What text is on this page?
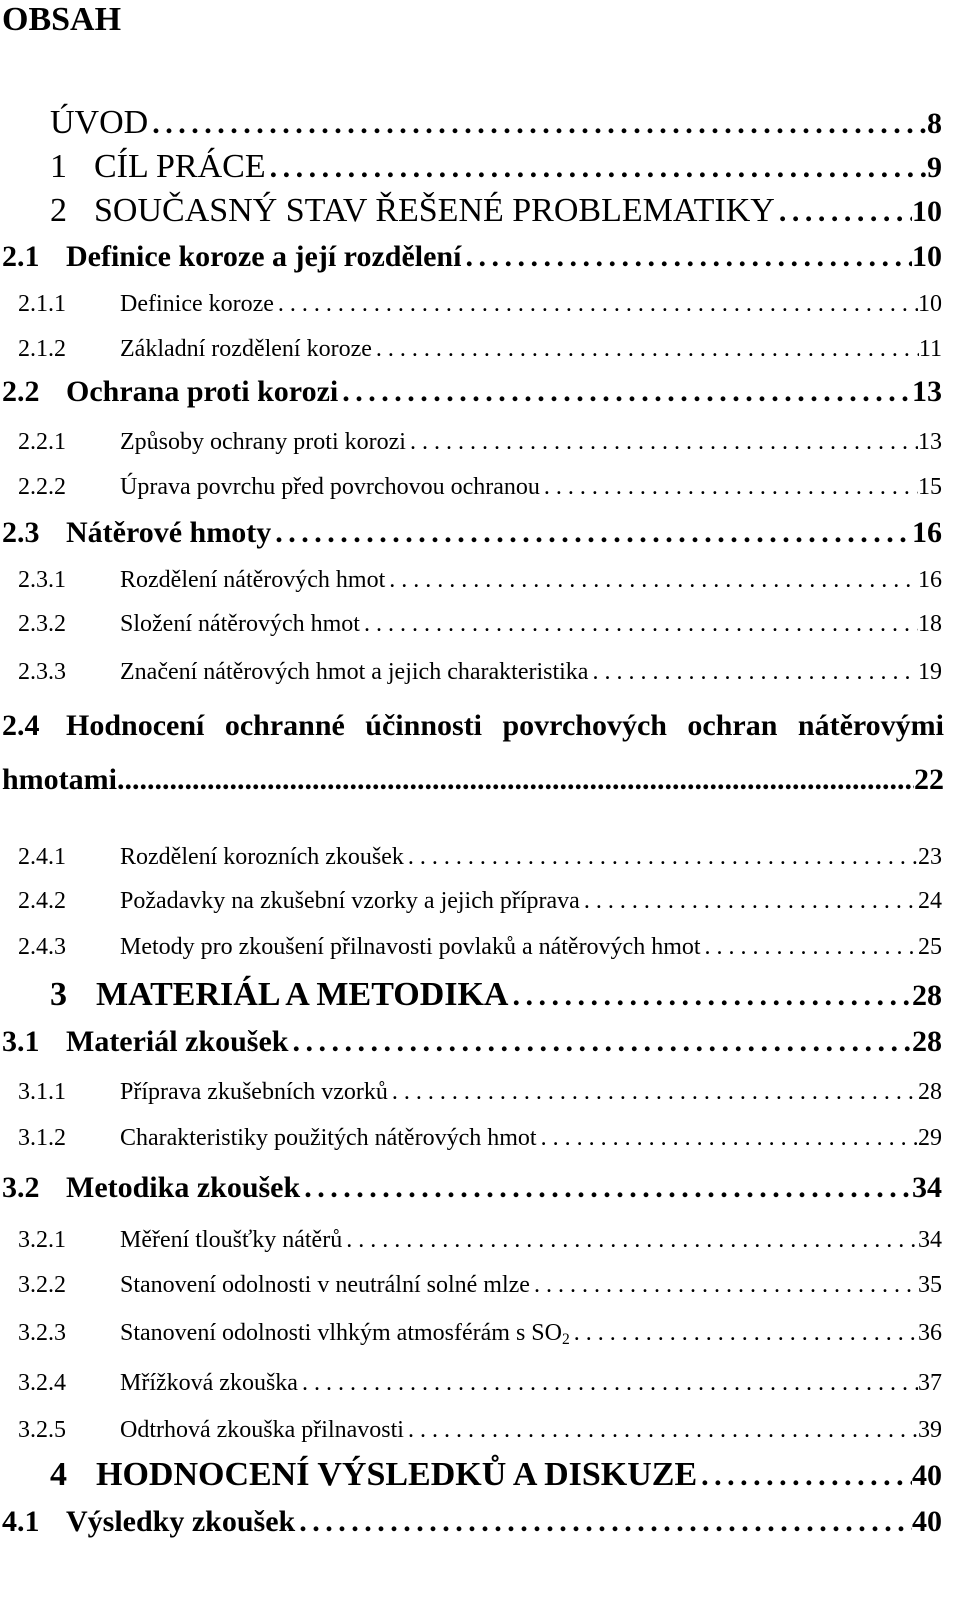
OBSAH
ÚVOD . . .	8
1 CÍL PRÁCE . . .	9
2 SOUČASNÝ STAV ŘEŠENÉ PROBLEMATIKY . . .	10
2.1 Definice koroze a její rozdělení . . .	10
2.1.1	Definice koroze . . .	10
2.1.2	Základní rozdělení koroze . . .	11
2.2 Ochrana proti korozi . . .	13
2.2.1	Způsoby ochrany proti korozi . . .	13
2.2.2	Úprava povrchu před povrchovou ochranou . . .	15
2.3 Nátěrové hmoty . . .	16
2.3.1	Rozdělení nátěrových hmot . . .	16
2.3.2	Složení nátěrových hmot . . .	18
2.3.3	Značení nátěrových hmot a jejich charakteristika . . .	19
2.4 Hodnocení ochranné účinnosti povrchových ochran nátěrovými
hmotami .....	22
2.4.1	Rozdělení korozních zkoušek . . .	23
2.4.2	Požadavky na zkušební vzorky a jejich příprava . . .	24
2.4.3	Metody pro zkoušení přilnavosti povlaků a nátěrových hmot . . .	25
3 MATERIÁL A METODIKA . . .	28
3.1 Materiál zkoušek . . .	28
3.1.1	Příprava zkušebních vzorků . . .	28
3.1.2	Charakteristiky použitých nátěrových hmot . . .	29
3.2 Metodika zkoušek . . .	34
3.2.1	Měření tloušťky nátěrů . . .	34
3.2.2	Stanovení odolnosti v neutrální solné mlze . . .	35
3.2.3	Stanovení odolnosti vlhkým atmosférám s $SO_2$ . . .	36
3.2.4	Mřížková zkouška . . .	37
3.2.5	Odtrhová zkouška přilnavosti . . .	39
4 HODNOCENÍ VÝSLEDKŮ A DISKUZE . . .	40
4.1 Výsledky zkoušek . . .	40
